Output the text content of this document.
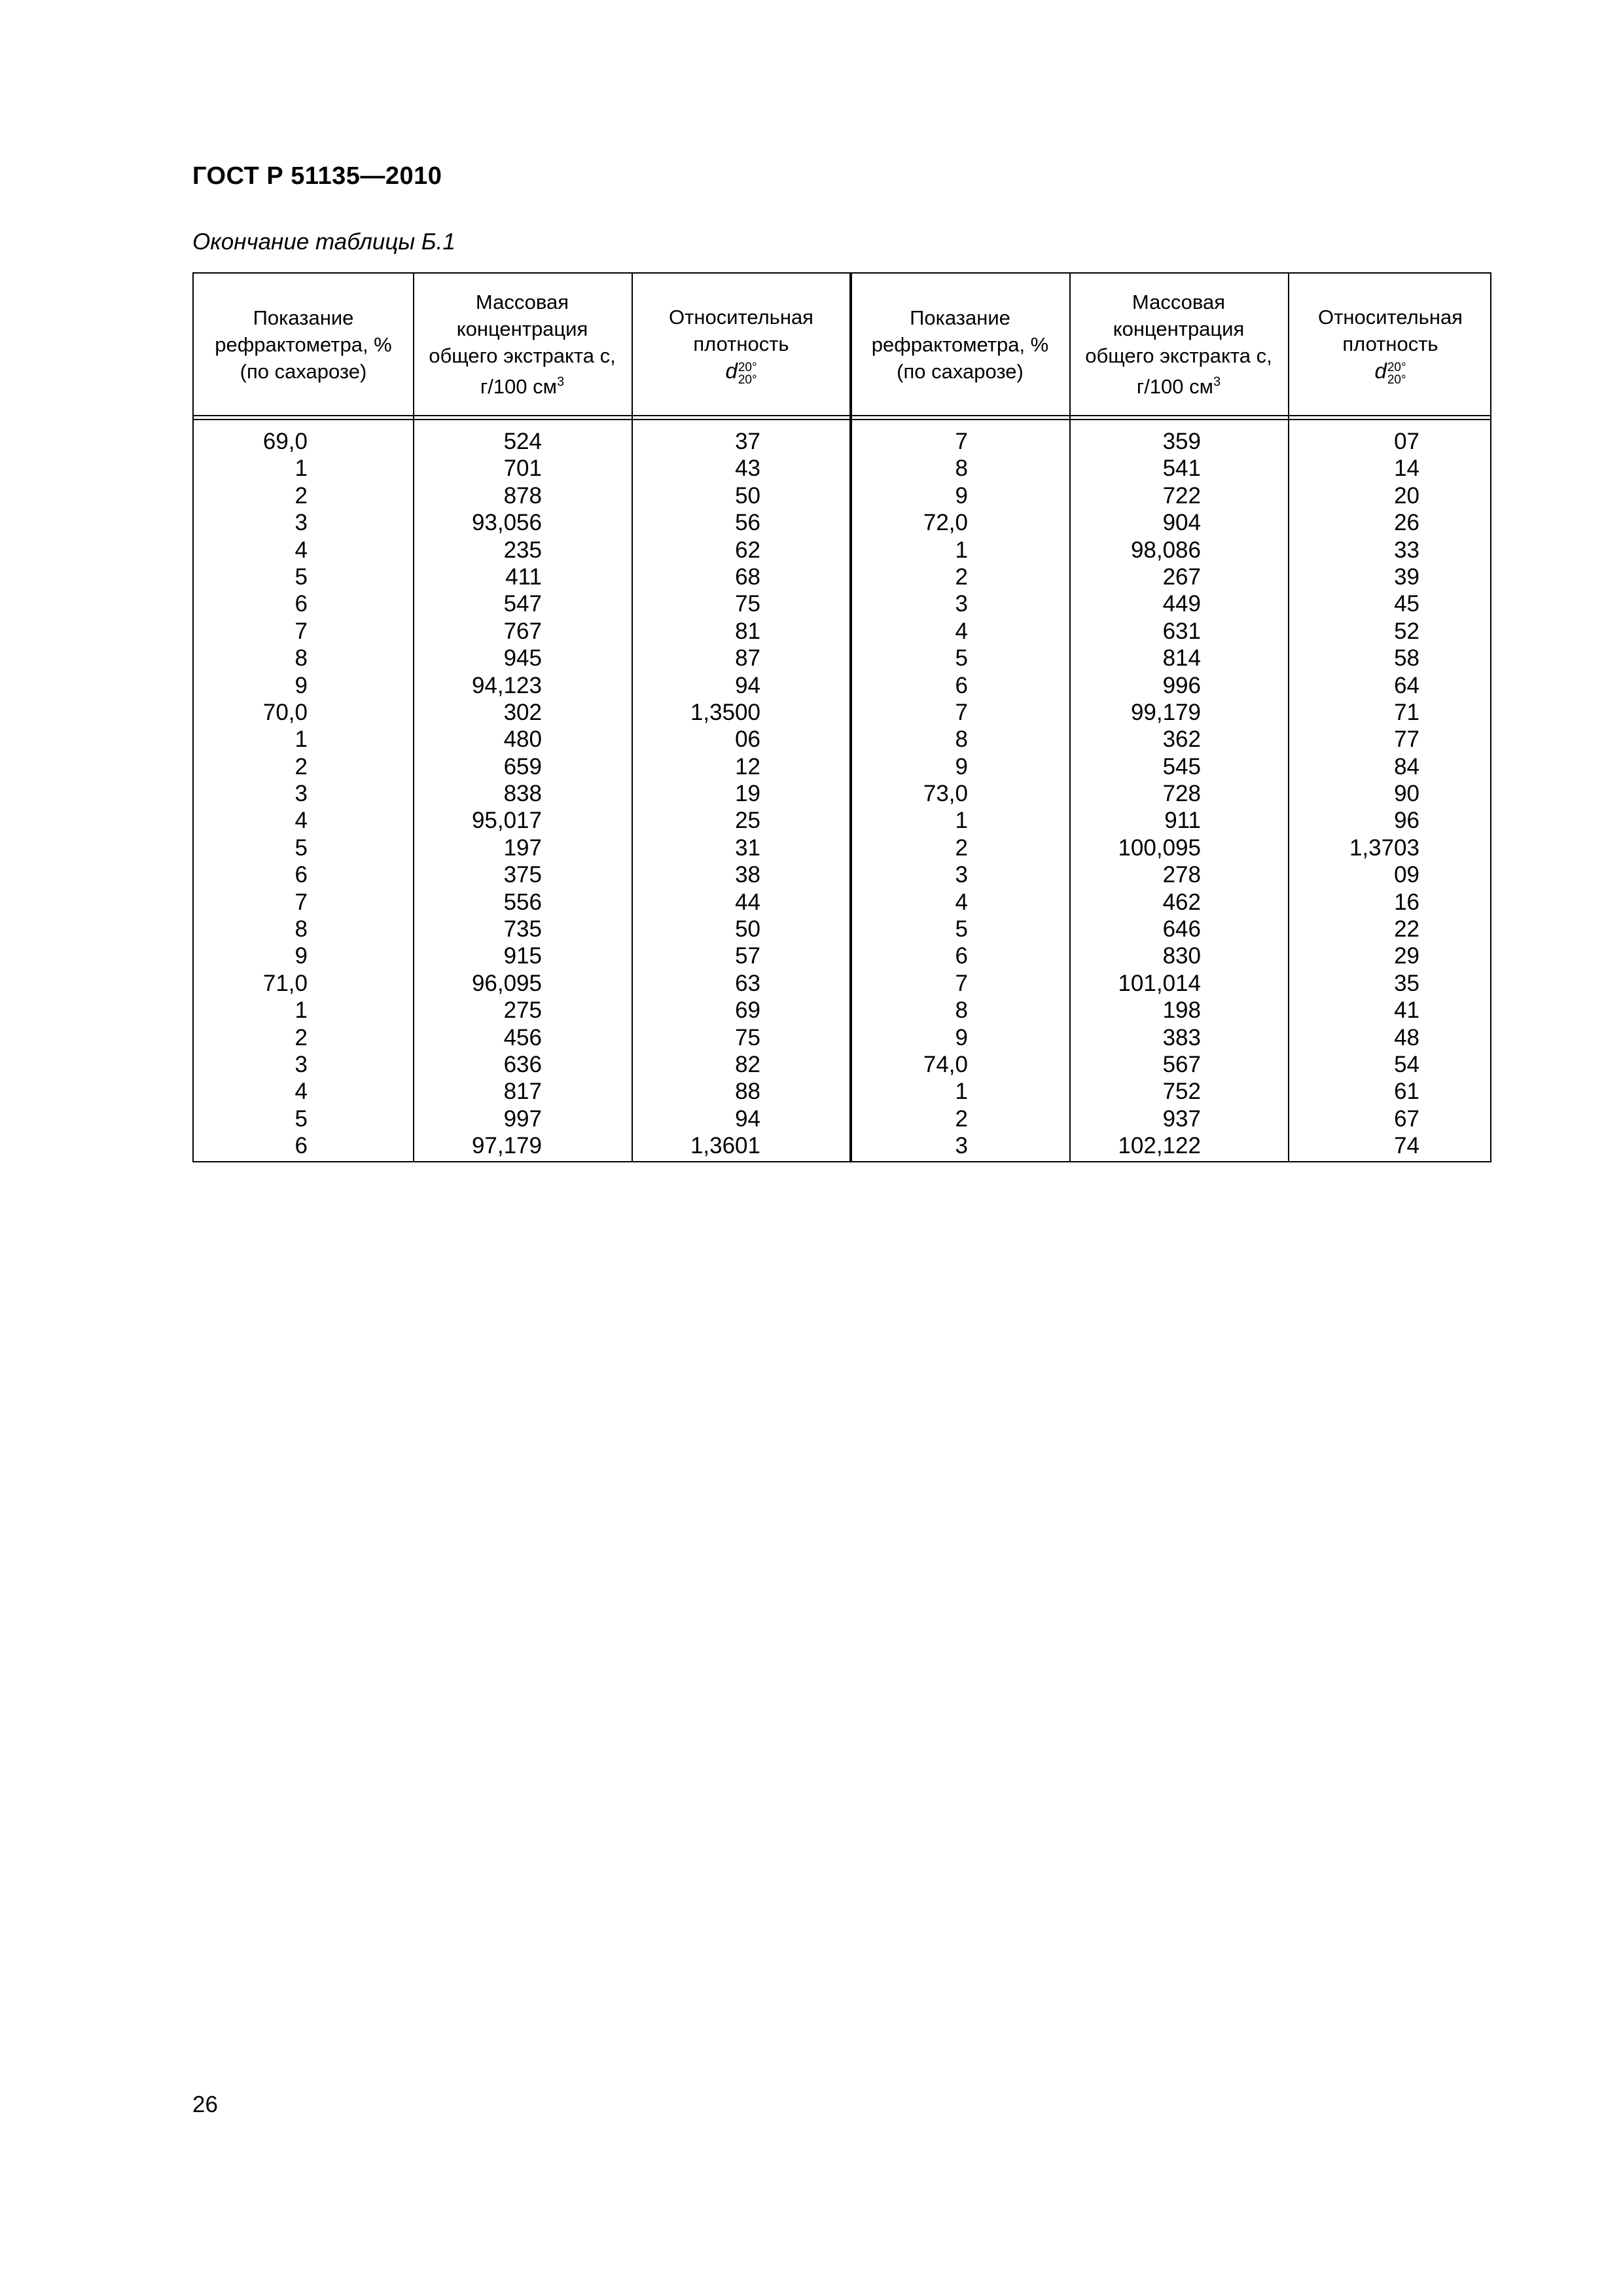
ГОСТ Р 51135—2010
Окончание таблицы Б.1
Показание
рефрактометра, %
(по сахарозе)
Массовая
концентрация
общего экстракта с,
г/100 $см^3$
Относительная
плотность
d 20°
20°
Показание
рефрактометра, %
(по сахарозе)
Массовая
концентрация
общего экстракта с,
г/100 $см^3$
Относительная
плотность
d 20°
20°
69,0
1
2
3
4
5
6
7
8
9
70,0
1
2
3
4
5
6
7
8
9
71,0
1
2
3
4
5
6
524
701
878
93,056
235
411
547
767
945
94,123
302
480
659
838
95,017
197
375
556
735
915
96,095
275
456
636
817
997
97,179
37
43
50
56
62
68
75
81
87
94
1,3500
06
12
19
25
31
38
44
50
57
63
69
75
82
88
94
1,3601
7
8
9
72,0
1
2
3
4
5
6
7
8
9
73,0
1
2
3
4
5
6
7
8
9
74,0
1
2
3
359
541
722
904
98,086
267
449
631
814
996
99,179
362
545
728
911
100,095
278
462
646
830
101,014
198
383
567
752
937
102,122
07
14
20
26
33
39
45
52
58
64
71
77
84
90
96
1,3703
09
16
22
29
35
41
48
54
61
67
74
26
